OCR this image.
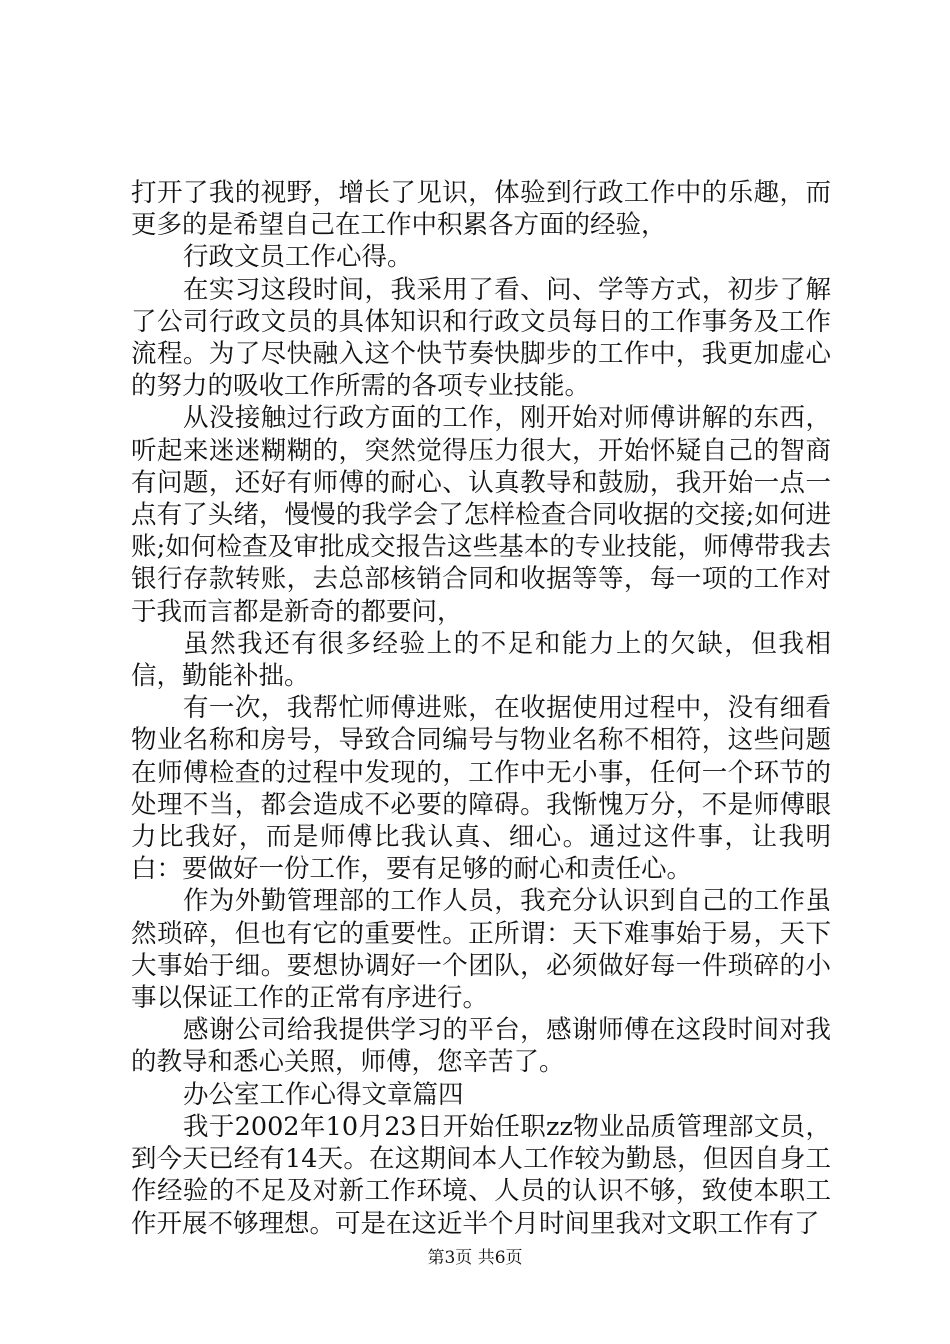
打开了我的视野，增长了见识，体验到行政工作中的乐趣，而更多的是希望自己在工作中积累各方面的经验，

行政文员工作心得。

在实习这段时间，我采用了看、问、学等方式，初步了解了公司行政文员的具体知识和行政文员每日的工作事务及工作流程。为了尽快融入这个快节奏快脚步的工作中，我更加虚心的努力的吸收工作所需的各项专业技能。

从没接触过行政方面的工作，刚开始对师傅讲解的东西，听起来迷迷糊糊的，突然觉得压力很大，开始怀疑自己的智商有问题，还好有师傅的耐心、认真教导和鼓励，我开始一点一点有了头绪，慢慢的我学会了怎样检查合同收据的交接;如何进账;如何检查及审批成交报告这些基本的专业技能，师傅带我去银行存款转账，去总部核销合同和收据等等，每一项的工作对于我而言都是新奇的都要问，

虽然我还有很多经验上的不足和能力上的欠缺，但我相信，勤能补拙。

有一次，我帮忙师傅进账，在收据使用过程中，没有细看物业名称和房号，导致合同编号与物业名称不相符，这些问题在师傅检查的过程中发现的，工作中无小事，任何一个环节的处理不当，都会造成不必要的障碍。我惭愧万分，不是师傅眼力比我好，而是师傅比我认真、细心。通过这件事，让我明白：要做好一份工作，要有足够的耐心和责任心。

作为外勤管理部的工作人员，我充分认识到自己的工作虽然琐碎，但也有它的重要性。正所谓：天下难事始于易，天下大事始于细。要想协调好一个团队，必须做好每一件琐碎的小事以保证工作的正常有序进行。

感谢公司给我提供学习的平台，感谢师傅在这段时间对我的教导和悉心关照，师傅，您辛苦了。

办公室工作心得文章篇四

我于2002年10月23日开始任职zz物业品质管理部文员，到今天已经有14天。在这期间本人工作较为勤恳，但因自身工作经验的不足及对新工作环境、人员的认识不够，致使本职工作开展不够理想。可是在这近半个月时间里我对文职工作有了

第3页 共6页
